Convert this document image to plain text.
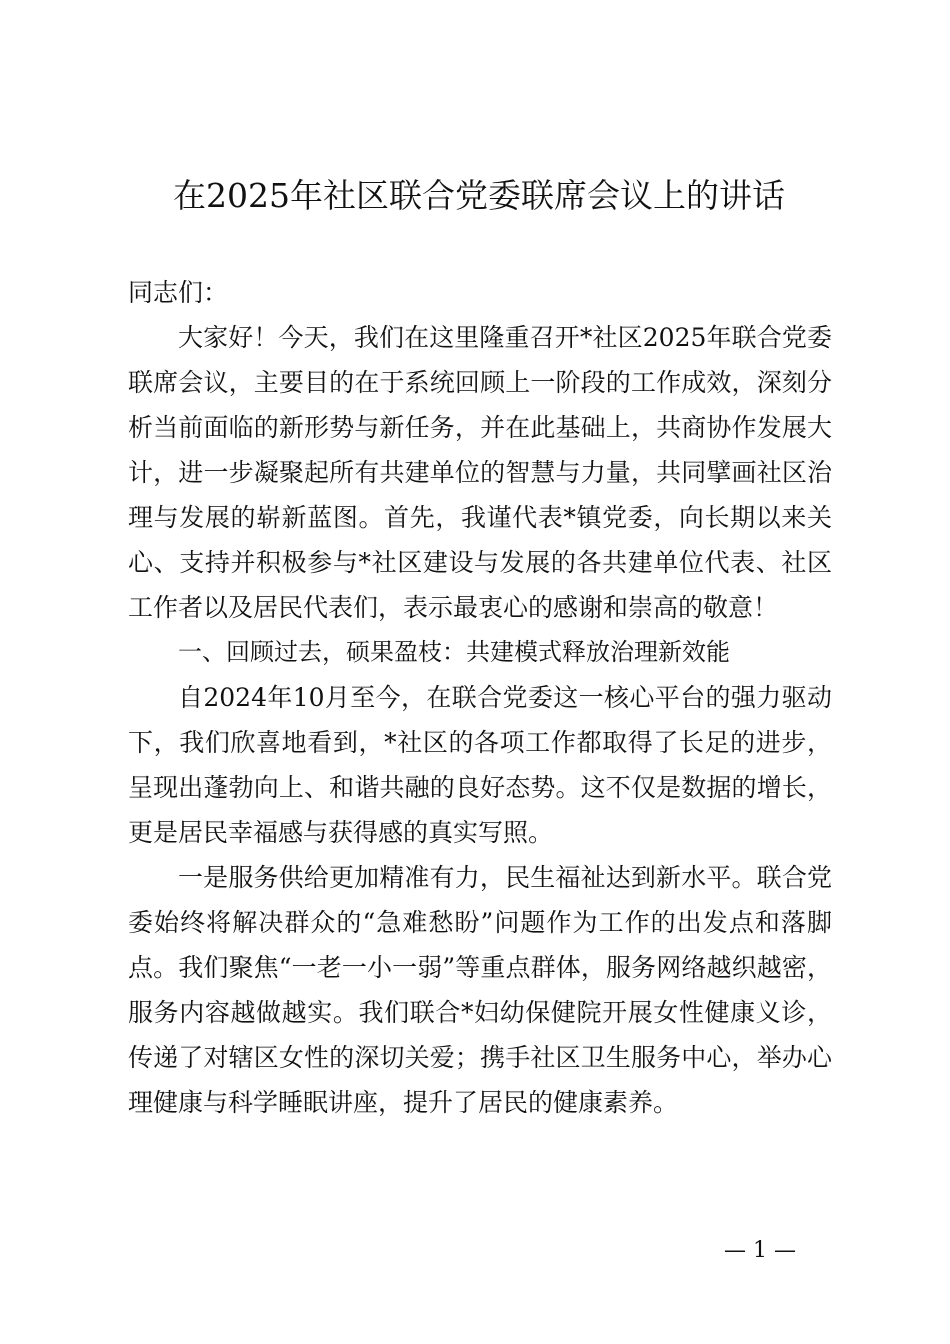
在2025年社区联合党委联席会议上的讲话

同志们：

大家好！今天，我们在这里隆重召开*社区2025年联合党委联席会议，主要目的在于系统回顾上一阶段的工作成效，深刻分析当前面临的新形势与新任务，并在此基础上，共商协作发展大计，进一步凝聚起所有共建单位的智慧与力量，共同擘画社区治理与发展的崭新蓝图。首先，我谨代表*镇党委，向长期以来关心、支持并积极参与*社区建设与发展的各共建单位代表、社区工作者以及居民代表们，表示最衷心的感谢和崇高的敬意！

一、回顾过去，硕果盈枝：共建模式释放治理新效能

自2024年10月至今，在联合党委这一核心平台的强力驱动下，我们欣喜地看到，*社区的各项工作都取得了长足的进步，呈现出蓬勃向上、和谐共融的良好态势。这不仅是数据的增长，更是居民幸福感与获得感的真实写照。

一是服务供给更加精准有力，民生福祉达到新水平。联合党委始终将解决群众的“急难愁盼”问题作为工作的出发点和落脚点。我们聚焦“一老一小一弱”等重点群体，服务网络越织越密，服务内容越做越实。我们联合*妇幼保健院开展女性健康义诊，传递了对辖区女性的深切关爱；携手社区卫生服务中心，举办心理健康与科学睡眠讲座，提升了居民的健康素养。

— 1 —
